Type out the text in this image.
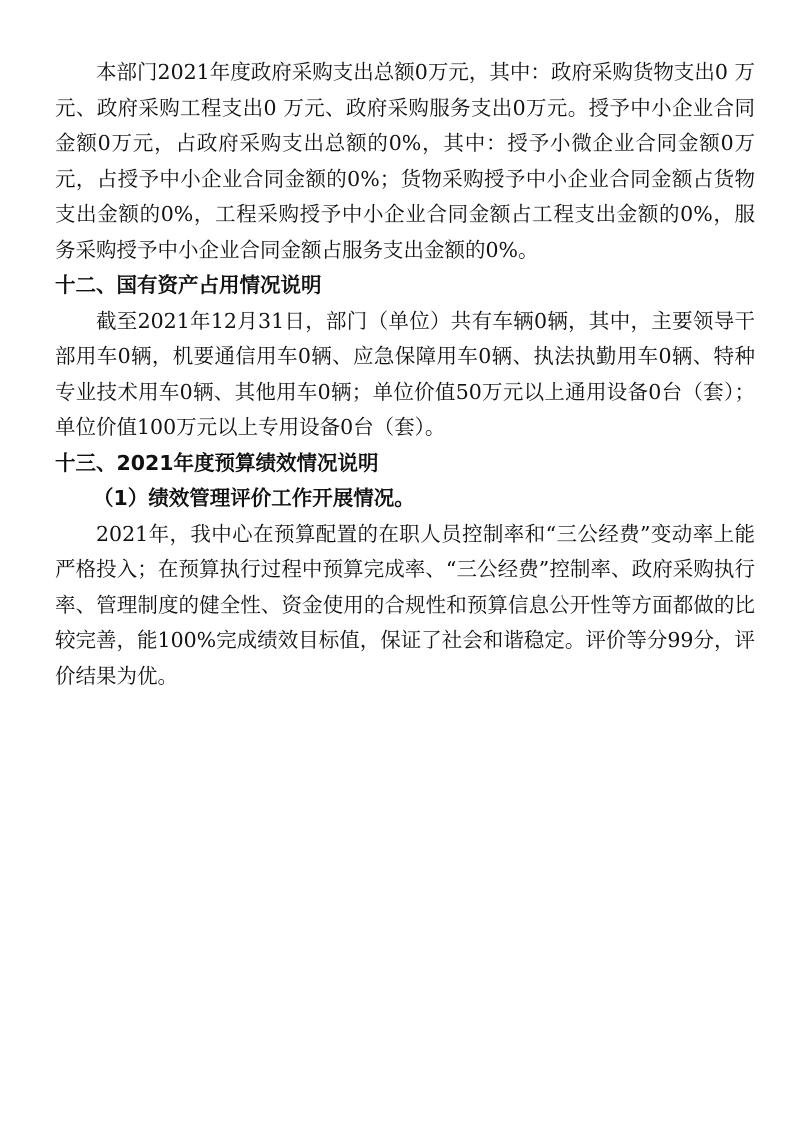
本部门2021年度政府采购支出总额0万元，其中：政府采购货物支出0 万元、政府采购工程支出0 万元、政府采购服务支出0万元。授予中小企业合同金额0万元，占政府采购支出总额的0%，其中：授予小微企业合同金额0万元，占授予中小企业合同金额的0%；货物采购授予中小企业合同金额占货物支出金额的0%，工程采购授予中小企业合同金额占工程支出金额的0%，服务采购授予中小企业合同金额占服务支出金额的0%。

十二、国有资产占用情况说明

截至2021年12月31日，部门（单位）共有车辆0辆，其中，主要领导干部用车0辆，机要通信用车0辆、应急保障用车0辆、执法执勤用车0辆、特种专业技术用车0辆、其他用车0辆；单位价值50万元以上通用设备0台（套）；单位价值100万元以上专用设备0台（套）。

十三、2021年度预算绩效情况说明
（1）绩效管理评价工作开展情况。

2021年，我中心在预算配置的在职人员控制率和“三公经费”变动率上能严格投入；在预算执行过程中预算完成率、“三公经费”控制率、政府采购执行率、管理制度的健全性、资金使用的合规性和预算信息公开性等方面都做的比较完善，能100%完成绩效目标值，保证了社会和谐稳定。评价等分99分，评价结果为优。
